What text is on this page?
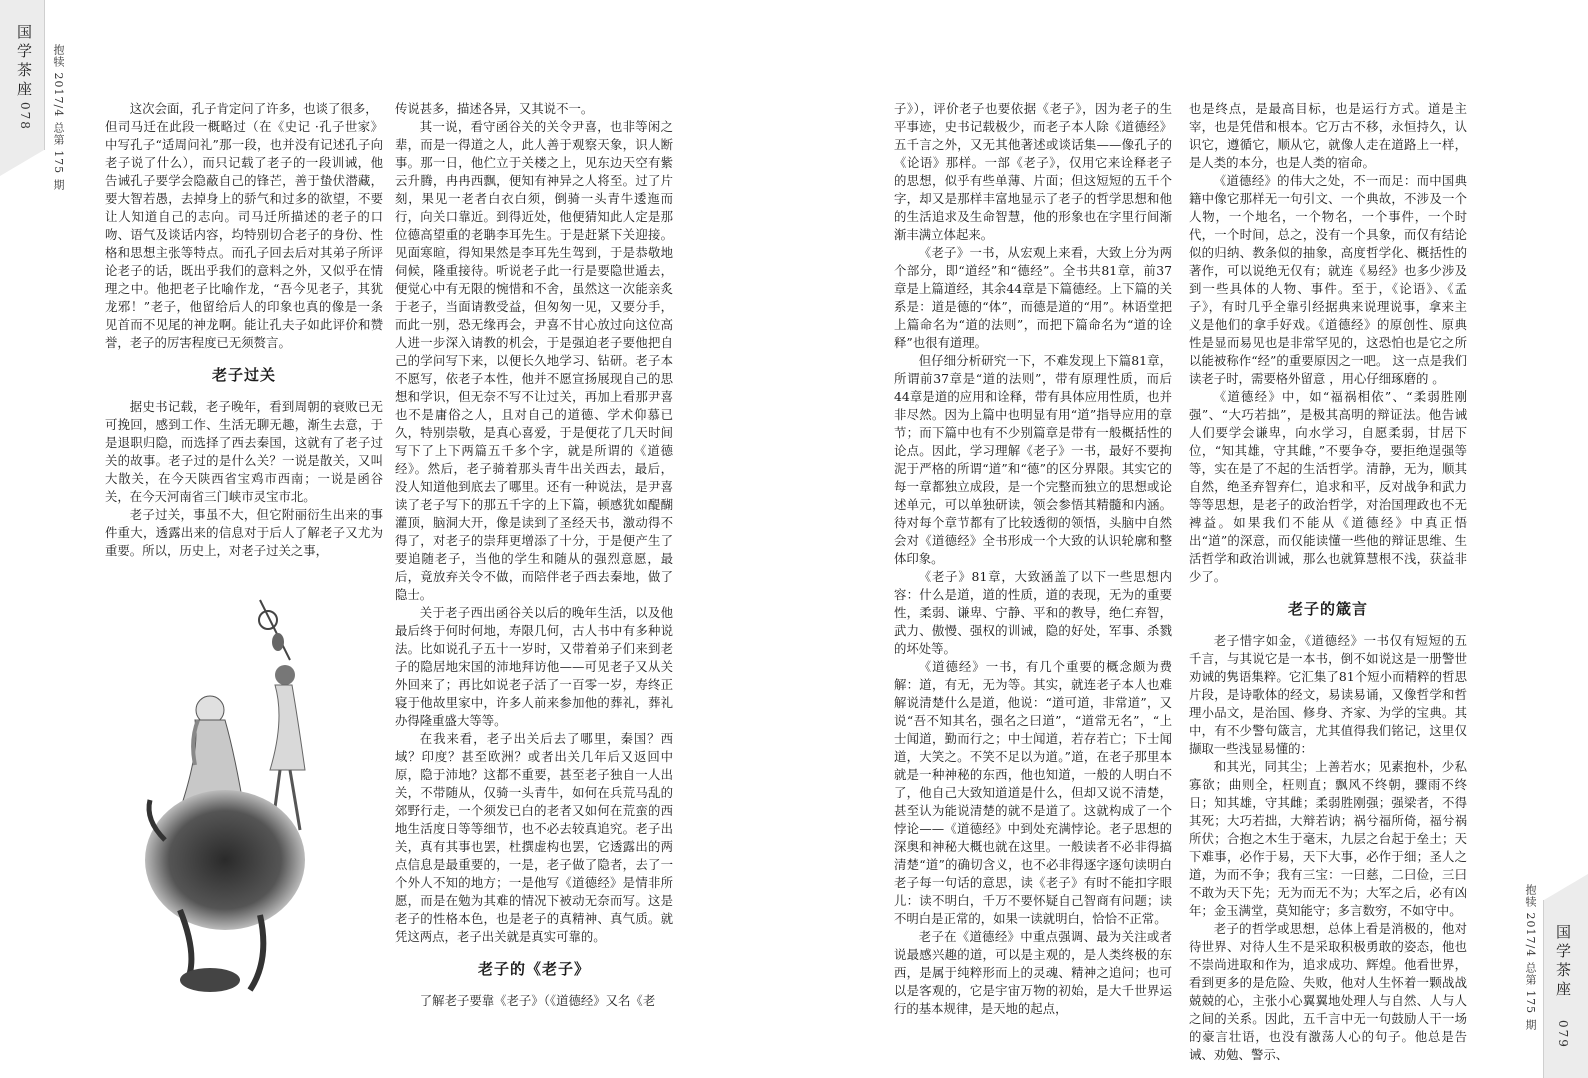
国学茶座
078 抱犊 2017/4 总第 175 期	这次会面，孔子肯定问了许多，也谈了很多，

但司马迁在此段一概略过（在《史记 ·孔子世家》中写孔子“适周问礼”那一段，也并没有记述孔子向老子说了什么），而只记载了老子的一段训诫，他告诫孔子要学会隐蔽自己的锋芒，善于蛰伏潜藏，要大智若愚，去掉身上的骄气和过多的欲望，不要让人知道自己的志向。司马迁所描述的老子的口吻、语气及谈话内容，均特别切合老子的身份、性格和思想主张等特点。而孔子回去后对其弟子所评论老子的话，既出乎我们的意料之外，又似乎在情理之中。他把老子比喻作龙，“吾今见老子，其犹龙邪！”老子，他留给后人的印象也真的像是一条见首而不见尾的神龙啊。能让孔夫子如此评价和赞誉，老子的厉害程度已无须赘言。

老子过关

据史书记载，老子晚年，看到周朝的衰败已无可挽回，感到工作、生活无聊无趣，渐生去意，于是退职归隐，而选择了西去秦国，这就有了老子过关的故事。老子过的是什么关？一说是散关，又叫大散关，在今天陕西省宝鸡市西南；一说是函谷关，在今天河南省三门峡市灵宝市北。

老子过关，事虽不大，但它附丽衍生出来的事件重大，透露出来的信息对于后人了解老子又尤为重要。所以，历史上，对老子过关之事，

传说甚多，描述各异，又其说不一。

其一说，看守函谷关的关令尹喜，也非等闲之辈，而是一得道之人，此人善于观察天象，识人断事。那一日，他伫立于关楼之上，见东边天空有紫云升腾，冉冉西飘，便知有神异之人将至。过了片刻，果见一老者白衣白须，倒骑一头青牛逶迤而行，向关口靠近。到得近处，他便猜知此人定是那位德高望重的老聃李耳先生。于是赶紧下关迎接。见面寒暄，得知果然是李耳先生驾到，于是恭敬地伺候，隆重接待。听说老子此一行是要隐世遁去，便觉心中有无限的惋惜和不舍，虽然这一次能亲炙于老子，当面请教受益，但匆匆一见，又要分手，而此一别，恐无缘再会，尹喜不甘心放过向这位高人进一步深入请教的机会，于是强迫老子要他把自己的学问写下来，以便长久地学习、钻研。老子本不愿写，依老子本性，他并不愿宣扬展现自己的思想和学识，但无奈不写不让过关，再加上看那尹喜也不是庸俗之人，且对自己的道德、学术仰慕已久，特别崇敬，是真心喜爱，于是便花了几天时间写下了上下两篇五千多个字，就是所谓的《道德经》。然后，老子骑着那头青牛出关西去，最后，没人知道他到底去了哪里。还有一种说法，是尹喜读了老子写下的那五千字的上下篇，顿感犹如醍醐灌顶，脑洞大开，像是读到了圣经天书，激动得不得了，对老子的崇拜更增添了十分，于是便产生了要追随老子，当他的学生和随从的强烈意愿，最后，竟放弃关令不做，而陪伴老子西去秦地，做了隐士。

关于老子西出函谷关以后的晚年生活，以及他最后终于何时何地，寿限几何，古人书中有多种说法。比如说孔子五十一岁时，又带着弟子们来到老子的隐居地宋国的沛地拜访他——可见老子又从关外回来了；再比如说老子活了一百零一岁，寿终正寝于他故里家中，许多人前来参加他的葬礼，葬礼办得隆重盛大等等。

在我来看，老子出关后去了哪里，秦国？西域？印度？甚至欧洲？或者出关几年后又返回中原，隐于沛地？这都不重要，甚至老子独自一人出关，不带随从，仅骑一头青牛，如何在兵荒马乱的郊野行走，一个须发已白的老者又如何在荒蛮的西地生活度日等等细节，也不必去较真追究。老子出关，真有其事也罢，杜撰虚构也罢，它透露出的两点信息是最重要的，一是，老子做了隐者，去了一个外人不知的地方；一是他写《道德经》是情非所愿，而是在勉为其难的情况下被动无奈而写。这是老子的性格本色，也是老子的真精神、真气质。就凭这两点，老子出关就是真实可靠的。

老子的《老子》

了解老子要靠《老子》（《道德经》又名《老

子》），评价老子也要依据《老子》，因为老子的生平事迹，史书记载极少，而老子本人除《道德经》五千言之外，又无其他著述或谈话集——像孔子的《论语》那样。一部《老子》，仅用它来诠释老子的思想，似乎有些单薄、片面；但这短短的五千个字，却又是那样丰富地显示了老子的哲学思想和他的生活追求及生命智慧，他的形象也在字里行间渐渐丰满立体起来。

《老子》一书，从宏观上来看，大致上分为两个部分，即“道经”和“德经”。全书共81章，前37章是上篇道经，其余44章是下篇德经。上下篇的关系是：道是德的“体”，而德是道的“用”。林语堂把上篇命名为“道的法则”，而把下篇命名为“道的诠释”也很有道理。

但仔细分析研究一下，不难发现上下篇81章，所谓前37章是“道的法则”，带有原理性质，而后44章是道的应用和诠释，带有具体应用性质，也并非尽然。因为上篇中也明显有用“道”指导应用的章节；而下篇中也有不少别篇章是带有一般概括性的论点。因此，学习理解《老子》一书，最好不要拘泥于严格的所谓“道”和“德”的区分界限。其实它的每一章都独立成段，是一个完整而独立的思想或论述单元，可以单独研读，领会参悟其精髓和内涵。待对每个章节都有了比较透彻的领悟，头脑中自然会对《道德经》全书形成一个大致的认识轮廓和整体印象。

《老子》81章，大致涵盖了以下一些思想内容：什么是道，道的性质，道的表现，无为的重要性，柔弱、谦卑、宁静、平和的教导，绝仁弃智，武力、傲慢、强权的训诫，隐的好处，军事、杀戮的坏处等。

《道德经》一书，有几个重要的概念颇为费解：道，有无，无为等。其实，就连老子本人也难解说清楚什么是道，他说：“道可道，非常道”，又说“吾不知其名，强名之曰道”，“道常无名”，“上士闻道，勤而行之；中士闻道，若存若亡；下士闻道，大笑之。不笑不足以为道。”道，在老子那里本就是一种神秘的东西，他也知道，一般的人明白不了，他自己大致知道道是什么，但却又说不清楚，甚至认为能说清楚的就不是道了。这就构成了一个悖论——《道德经》中到处充满悖论。老子思想的深奥和神秘大概也就在这里。一般读者不必非得搞清楚“道”的确切含义，也不必非得逐字逐句读明白老子每一句话的意思，读《老子》有时不能扣字眼儿：读不明白，千万不要怀疑自己智商有问题；读不明白是正常的，如果一读就明白，恰恰不正常。

老子在《道德经》中重点强调、最为关注或者说最感兴趣的道，可以是主观的，是人类终极的东西，是属于纯粹形而上的灵魂、精神之追问；也可以是客观的，它是宇宙万物的初始，是大千世界运行的基本规律，是天地的起点，

也是终点，是最高目标，也是运行方式。道是主宰，也是凭借和根本。它万古不移，永恒持久，认识它，遵循它，顺从它，就像人走在道路上一样，是人类的本分，也是人类的宿命。

《道德经》的伟大之处，不一而足：而中国典籍中像它那样无一句引文、一个典故，不涉及一个人物，一个地名，一个物名，一个事件，一个时代，一个时间，总之，没有一个具象，而仅有结论似的归纳、教条似的抽象，高度哲学化、概括性的著作，可以说绝无仅有；就连《易经》也多少涉及到一些具体的人物、事件。至于，《论语》、《孟子》，有时几乎全靠引经据典来说理说事，拿来主义是他们的拿手好戏。《道德经》的原创性、原典性是显而易见也是非常罕见的，这恐怕也是它之所以能被称作“经”的重要原因之一吧。 这一点是我们读老子时，需要格外留意 ，用心仔细琢磨的 。

《道德经》中，如“福祸相依”、“柔弱胜刚强”、“大巧若拙”，是极其高明的辩证法。他告诫人们要学会谦卑，向水学习，自愿柔弱，甘居下位，“知其雄，守其雌，”不要争夺，要拒绝逞强等等，实在是了不起的生活哲学。清静，无为，顺其自然，绝圣弃智弃仁，追求和平，反对战争和武力等等思想，是老子的政治哲学，对治国理政也不无裨益。如果我们不能从《道德经》中真正悟出“道”的深意，而仅能读懂一些他的辩证思维、生活哲学和政治训诫，那么也就算慧根不浅，获益非少了。

老子的箴言

老子惜字如金，《道德经》一书仅有短短的五千言，与其说它是一本书，倒不如说这是一册警世劝诫的隽语集粹。它汇集了81个短小而精粹的哲思片段，是诗歌体的经文，易读易诵，又像哲学和哲理小品文，是治国、修身、齐家、为学的宝典。其中，有不少警句箴言，尤其值得我们铭记，这里仅撷取一些浅显易懂的：

和其光，同其尘；上善若水；见素抱朴，少私寡欲；曲则全，枉则直；飘风不终朝，骤雨不终日；知其雄，守其雌；柔弱胜刚强；强梁者，不得其死；大巧若拙，大辩若讷；祸兮福所倚，福兮祸所伏；合抱之木生于毫末，九层之台起于垒土；天下难事，必作于易，天下大事，必作于细；圣人之道，为而不争；我有三宝：一曰慈，二曰俭，三曰不敢为天下先；无为而无不为；大军之后，必有凶年；金玉满堂，莫知能守；多言数穷，不如守中。

老子的哲学或思想，总体上看是消极的，他对待世界、对待人生不是采取积极勇敢的姿态，他也不崇尚进取和作为，追求成功、辉煌。他看世界，看到更多的是危险、失败，他对人生怀着一颗战战兢兢的心，主张小心翼翼地处理人与自然、人与人之间的关系。因此，五千言中无一句鼓励人干一场的豪言壮语，也没有激荡人心的句子。他总是告诫、劝勉、警示、

国学茶座
079
抱犊 2017/4 总第 175 期
